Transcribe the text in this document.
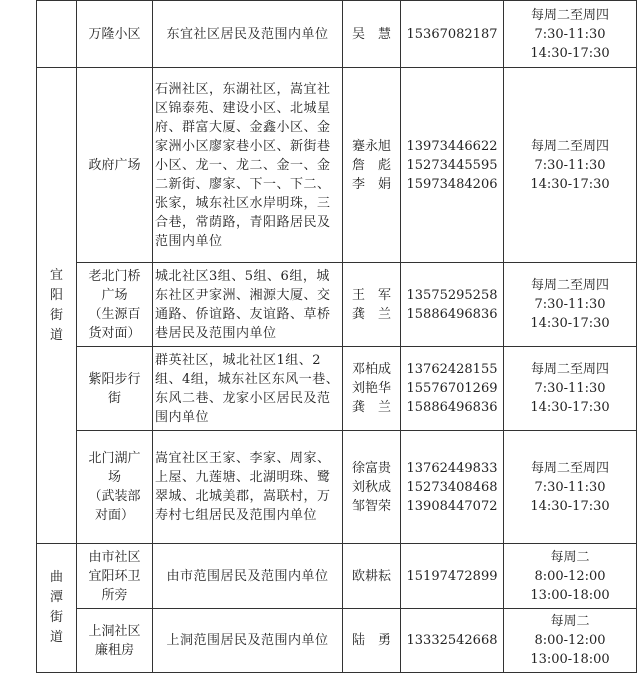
	万隆小区	东宜社区居民及范围内单位	吴　慧	15367082187	每周二至周四
7:30-11:30
14:30-17:30

宜
阳
街
道	政府广场	石洲社区，东湖社区，嵩宜社区锦泰苑、建设小区、北城星府、群富大厦、金鑫小区、金家洲小区廖家巷小区、新街巷小区、龙一、龙二、金一、金二新街、廖家、下一、下二、张家，城东社区水岸明珠，三合巷，常荫路，青阳路居民及范围内单位	蹇永旭
詹　彪
李　娟	13973446622
15273445595
15973484206	每周二至周四
7:30-11:30
14:30-17:30

	老北门桥
广场
（生源百
货对面）	城北社区3组、5组、6组，城东社区尹家洲、湘源大厦、交通路、侨谊路、友谊路、草桥巷居民及范围内单位	王　军
龚　兰	13575295258
15886496836	每周二至周四
7:30-11:30
14:30-17:30

	紫阳步行
街	群英社区，城北社区1组、2组、4组，城东社区东风一巷、东风二巷、龙家小区居民及范围内单位	邓柏成
刘艳华
龚　兰	13762428155
15576701269
15886496836	每周二至周四
7:30-11:30
14:30-17:30

	北门湖广
场
（武装部
对面）	嵩宜社区王家、李家、周家、上屋、九莲塘、北湖明珠、鹭翠城、北城美郡，嵩联村，万寿村七组居民及范围内单位	徐富贵
刘秋成
邹智荣	13762449833
15273408468
13908447072	每周二至周四
7:30-11:30
14:30-17:30

曲
潭
街
道	由市社区
宜阳环卫
所旁	由市范围居民及范围内单位	欧耕耘	15197472899	每周二
8:00-12:00
13:00-18:00

	上洞社区
廉租房	上洞范围居民及范围内单位	陆　勇	13332542668	每周二
8:00-12:00
13:00-18:00
